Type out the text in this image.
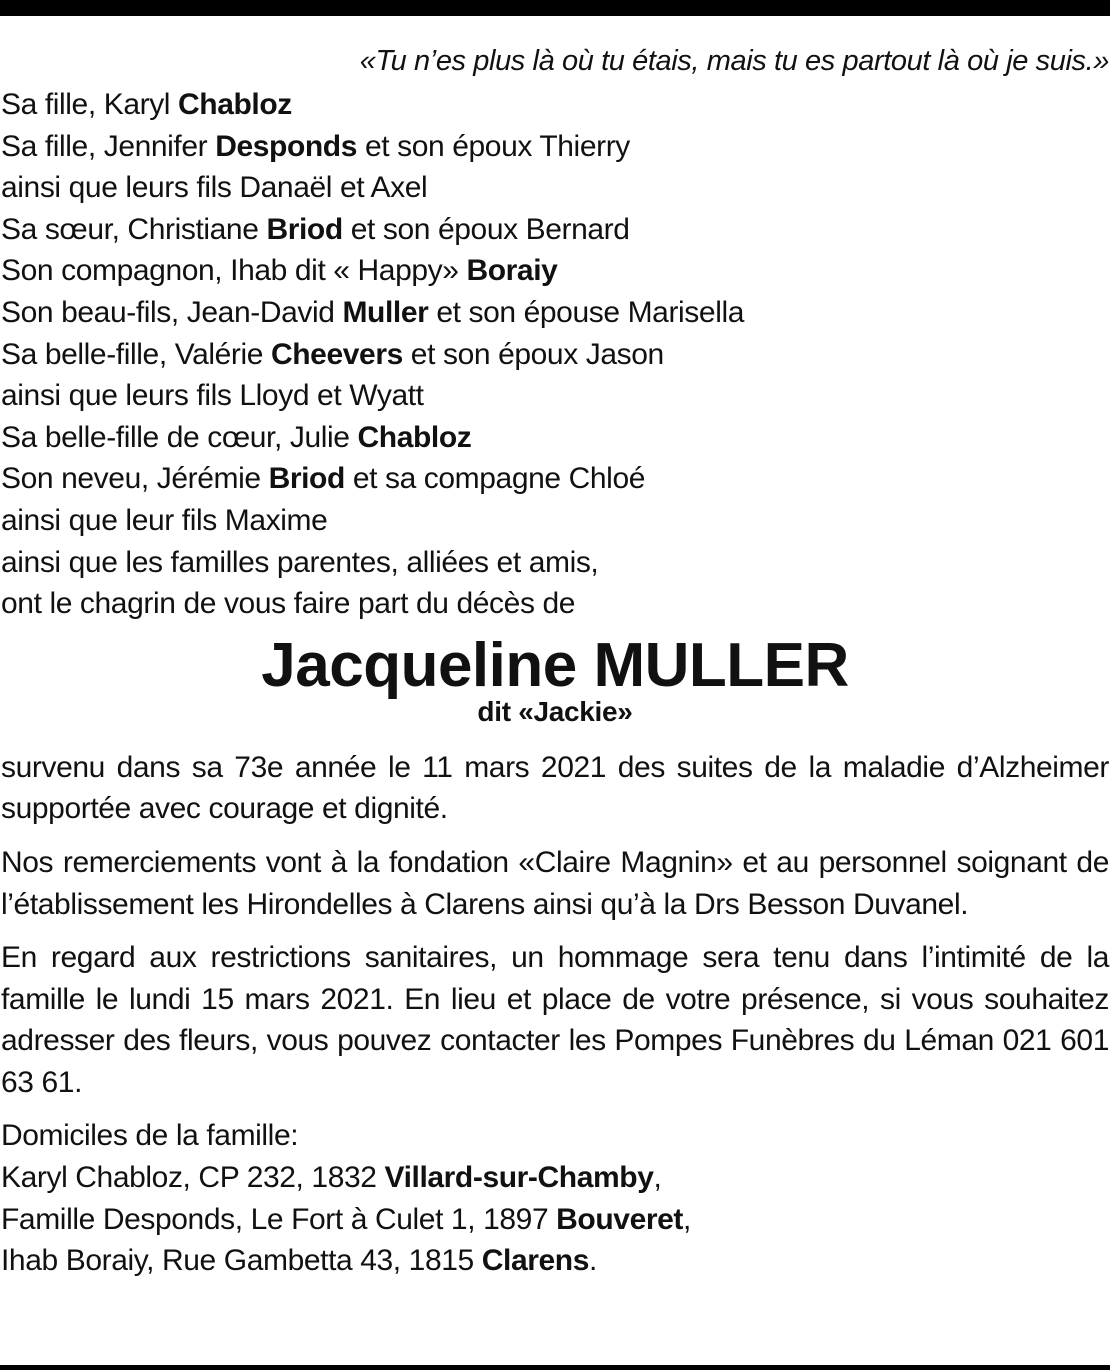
«Tu n’es plus là où tu étais, mais tu es partout là où je suis.»
Sa fille, Karyl Chabloz
Sa fille, Jennifer Desponds et son époux Thierry
ainsi que leurs fils Danaël et Axel
Sa sœur, Christiane Briod et son époux Bernard
Son compagnon, Ihab dit « Happy» Boraiy
Son beau-fils, Jean-David Muller et son épouse Marisella
Sa belle-fille, Valérie Cheevers et son époux Jason
ainsi que leurs fils Lloyd et Wyatt
Sa belle-fille de cœur, Julie Chabloz
Son neveu, Jérémie Briod et sa compagne Chloé
ainsi que leur fils Maxime
ainsi que les familles parentes, alliées et amis,
ont le chagrin de vous faire part du décès de
Jacqueline MULLER
dit «Jackie»

survenu dans sa 73e année le 11 mars 2021 des suites de la maladie d’Alzheimer supportée avec courage et dignité.

Nos remerciements vont à la fondation «Claire Magnin» et au personnel soignant de l’établissement les Hirondelles à Clarens ainsi qu’à la Drs Besson Duvanel.

En regard aux restrictions sanitaires, un hommage sera tenu dans l’intimité de la famille le lundi 15 mars 2021. En lieu et place de votre présence, si vous souhaitez adresser des fleurs, vous pouvez contacter les Pompes Funèbres du Léman 021 601 63 61.

Domiciles de la famille:
Karyl Chabloz, CP 232, 1832 Villard-sur-Chamby,
Famille Desponds, Le Fort à Culet 1, 1897 Bouveret,
Ihab Boraiy, Rue Gambetta 43, 1815 Clarens.
